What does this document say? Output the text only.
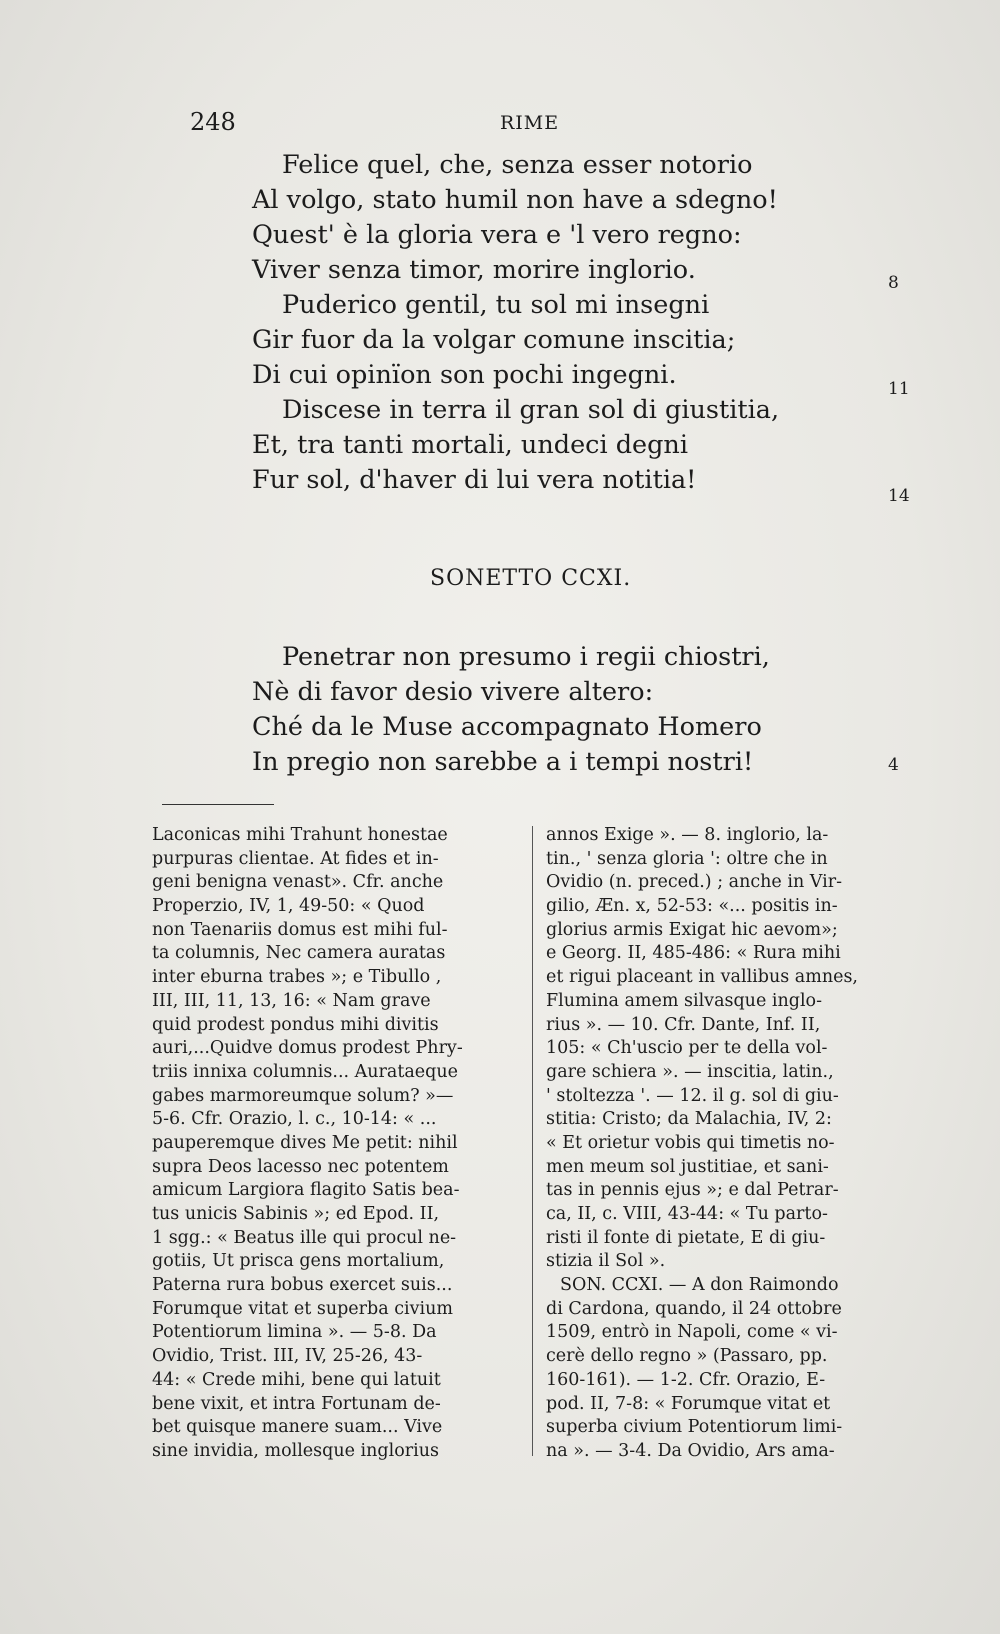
248	RIME
Felice quel, che, senza esser notorio
Al volgo, stato humil non have a sdegno!
Quest' è la gloria vera e 'l vero regno:
Viver senza timor, morire inglorio.
Puderico gentil, tu sol mi insegni
Gir fuor da la volgar comune inscitia;
Di cui opinïon son pochi ingegni.
Discese in terra il gran sol di giustitia,
Et, tra tanti mortali, undeci degni
Fur sol, d'haver di lui vera notitia!
8
11
14
SONETTO CCXI.
Penetrar non presumo i regii chiostri,
Nè di favor desio vivere altero:
Ché da le Muse accompagnato Homero
In pregio non sarebbe a i tempi nostri!	4
Laconicas mihi Trahunt honestae
purpuras clientae. At fides et in-
geni benigna venast». Cfr. anche
Properzio, IV, 1, 49-50: « Quod
non Taenariis domus est mihi ful-
ta columnis, Nec camera auratas
inter eburna trabes »; e Tibullo ,
III, III, 11, 13, 16: « Nam grave
quid prodest pondus mihi divitis
auri,...Quidve domus prodest Phry-
triis innixa columnis... Aurataeque
gabes marmoreumque solum? »—
5-6. Cfr. Orazio, l. c., 10-14: « ...
pauperemque dives Me petit: nihil
supra Deos lacesso nec potentem
amicum Largiora flagito Satis bea-
tus unicis Sabinis »; ed Epod. II,
1 sgg.: « Beatus ille qui procul ne-
gotiis, Ut prisca gens mortalium,
Paterna rura bobus exercet suis...
Forumque vitat et superba civium
Potentiorum limina ». — 5-8. Da
Ovidio, Trist. III, IV, 25-26, 43-
44: « Crede mihi, bene qui latuit
bene vixit, et intra Fortunam de-
bet quisque manere suam... Vive
sine invidia, mollesque inglorius
annos Exige ». — 8. inglorio, la-
tin., ' senza gloria ': oltre che in
Ovidio (n. preced.) ; anche in Vir-
gilio, Æn. x, 52-53: «... positis in-
glorius armis Exigat hic aevom»;
e Georg. II, 485-486: « Rura mihi
et rigui placeant in vallibus amnes,
Flumina amem silvasque inglo-
rius ». — 10. Cfr. Dante, Inf. II,
105: « Ch'uscio per te della vol-
gare schiera ». — inscitia, latin.,
' stoltezza '. — 12. il g. sol di giu-
stitia: Cristo; da Malachia, IV, 2:
« Et orietur vobis qui timetis no-
men meum sol justitiae, et sani-
tas in pennis ejus »; e dal Petrar-
ca, II, c. VIII, 43-44: « Tu parto-
risti il fonte di pietate, E di giu-
stizia il Sol ».
SON. CCXI. — A don Raimondo
di Cardona, quando, il 24 ottobre
1509, entrò in Napoli, come « vi-
cerè dello regno » (Passaro, pp.
160-161). — 1-2. Cfr. Orazio, E-
pod. II, 7-8: « Forumque vitat et
superba civium Potentiorum limi-
na ». — 3-4. Da Ovidio, Ars ama-
